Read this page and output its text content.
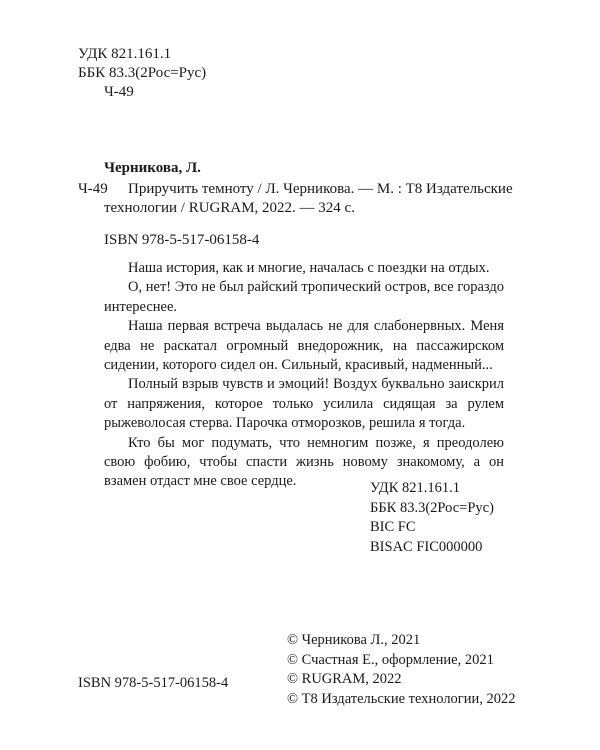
УДК 821.161.1
ББК 83.3(2Рос=Рус)
Ч-49
Черникова, Л.
Ч-49 Приручить темноту / Л. Черникова. — М. : Т8 Издательские
технологии / RUGRAM, 2022. — 324 с.
ISBN 978-5-517-06158-4

Наша история, как и многие, началась с поездки на отдых.

О, нет! Это не был райский тропический остров, все гораздо интереснее.

Наша первая встреча выдалась не для слабонервных. Меня едва не раскатал огромный внедорожник, на пассажирском сидении, которого сидел он. Сильный, красивый, надменный...

Полный взрыв чувств и эмоций! Воздух буквально заискрил от напряжения, которое только усилила сидящая за рулем рыжеволосая стерва. Парочка отморозков, решила я тогда.

Кто бы мог подумать, что немногим позже, я преодолею свою фобию, чтобы спасти жизнь новому знакомому, а он взамен отдаст мне свое сердце.	УДК 821.161.1
ББК 83.3(2Рос=Рус)
BIC FC
BISAC FIC000000
© Черникова Л., 2021
© Счастная Е., оформление, 2021
© RUGRAM, 2022
© Т8 Издательские технологии, 2022
ISBN 978-5-517-06158-4
